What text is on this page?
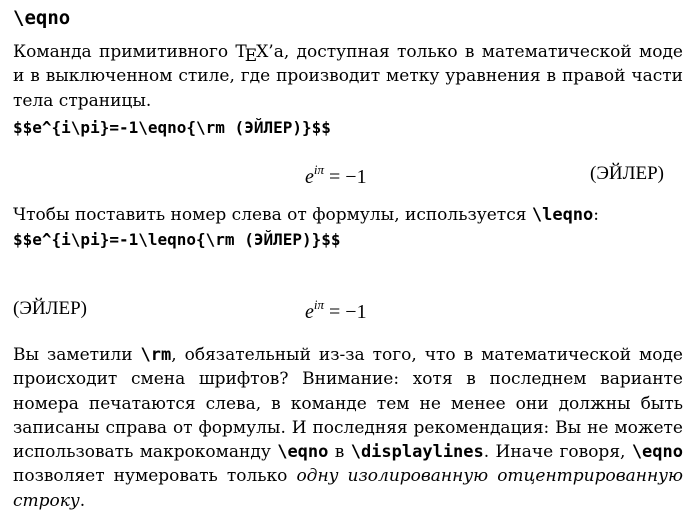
\eqno
Команда примитивного TEX’а, доступная только в математической моде и в выключенном стиле, где производит метку уравнения в правой части тела страницы.
$$e^{i\pi}=-1\eqno{\rm (ЭЙЛЕР)}$$
$e^{i\pi} = -1$	(ЭЙЛЕР)
Чтобы поставить номер слева от формулы, используется \leqno:
$$e^{i\pi}=-1\leqno{\rm (ЭЙЛЕР)}$$
(ЭЙЛЕР)	$e^{i\pi} = -1$
Вы заметили \rm, обязательный из-за того, что в математической моде происходит смена шрифтов? Внимание: хотя в последнем варианте номера печатаются слева, в команде тем не менее они должны быть записаны справа от формулы. И последняя рекомендация: Вы не можете использовать макрокоманду \eqno в \displaylines. Иначе говоря, \eqno позволяет нумеровать только одну изолированную отцентрированную строку.
